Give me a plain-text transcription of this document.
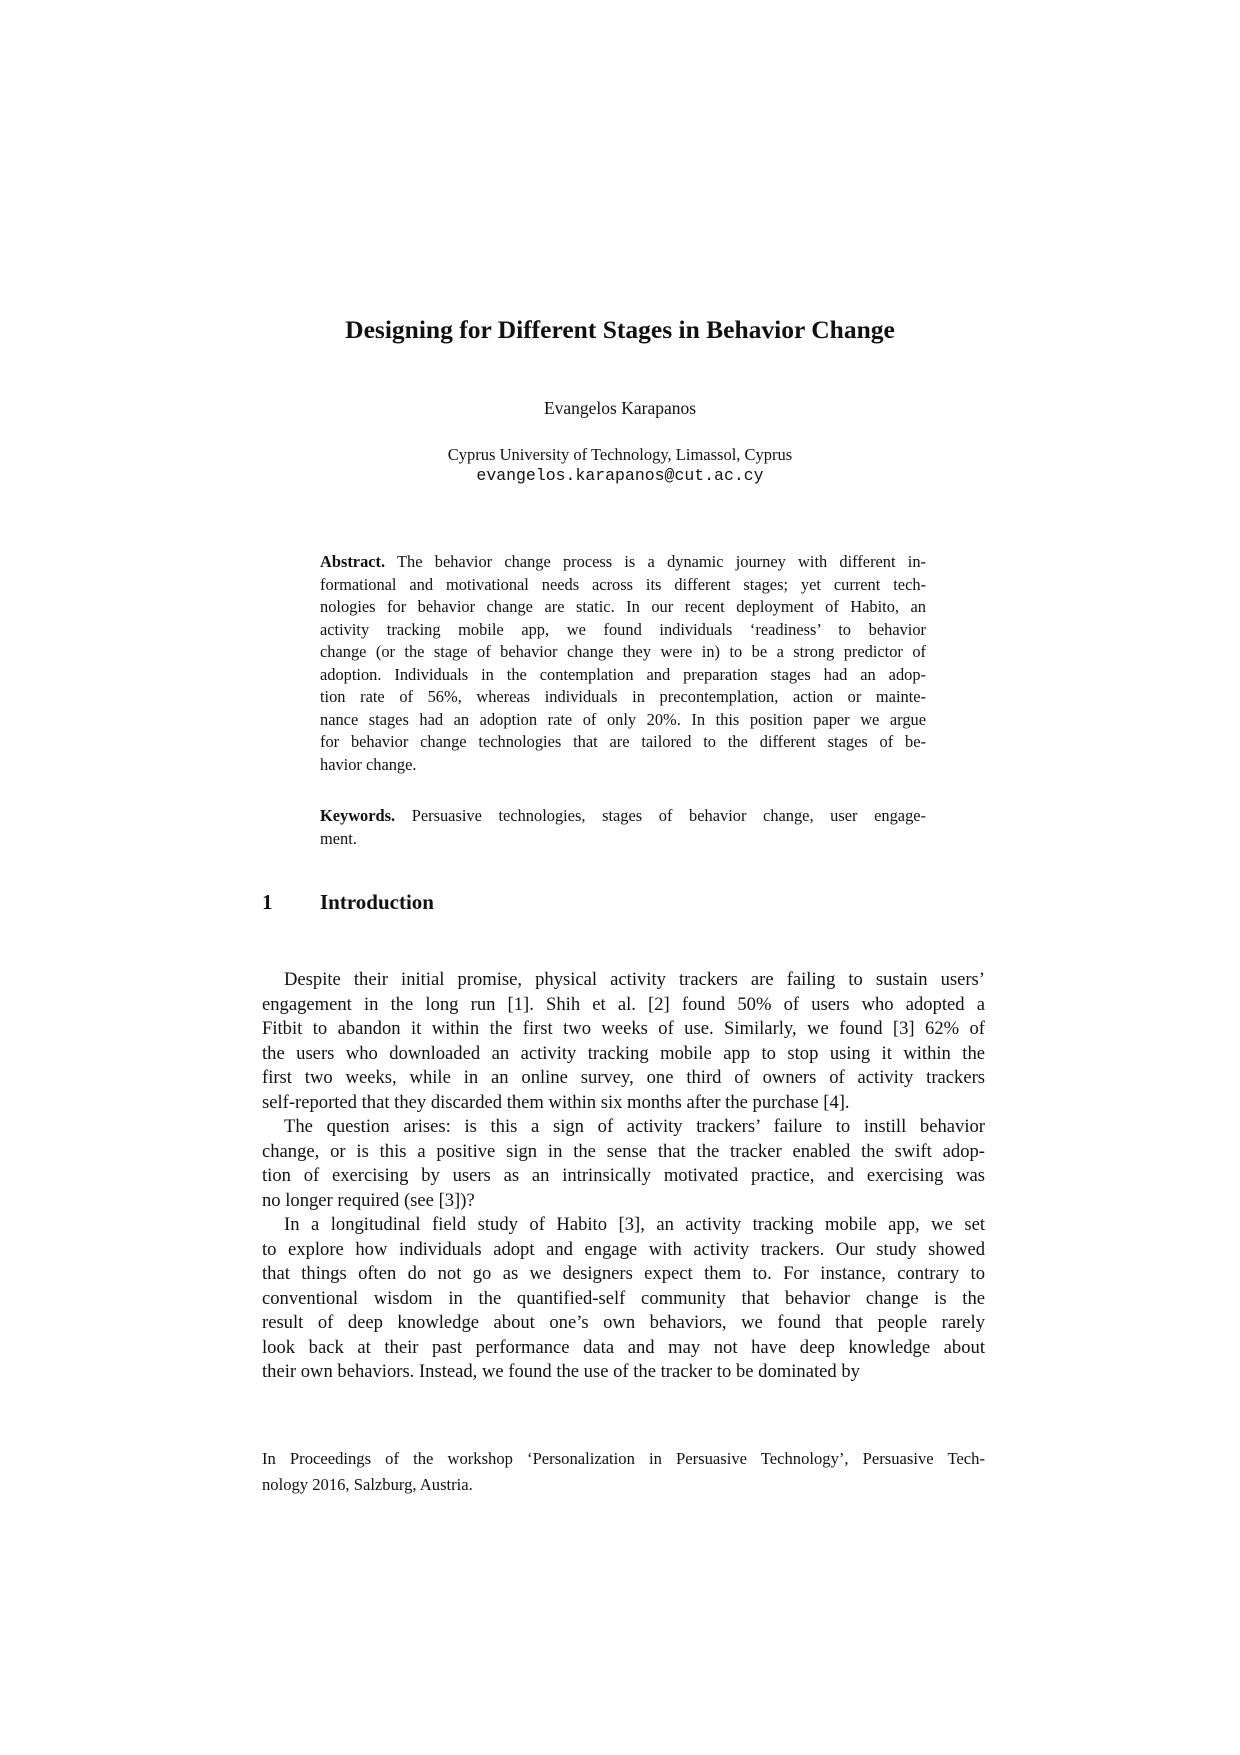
Designing for Different Stages in Behavior Change
Evangelos Karapanos
Cyprus University of Technology, Limassol, Cyprus
evangelos.karapanos@cut.ac.cy
Abstract. The behavior change process is a dynamic journey with different in-
formational and motivational needs across its different stages; yet current tech-
nologies for behavior change are static. In our recent deployment of Habito, an
activity tracking mobile app, we found individuals ‘readiness’ to behavior
change (or the stage of behavior change they were in) to be a strong predictor of
adoption. Individuals in the contemplation and preparation stages had an adop-
tion rate of 56%, whereas individuals in precontemplation, action or mainte-
nance stages had an adoption rate of only 20%. In this position paper we argue
for behavior change technologies that are tailored to the different stages of be-
havior change.
Keywords. Persuasive technologies, stages of behavior change, user engage-
ment.
1 Introduction
Despite their initial promise, physical activity trackers are failing to sustain users’
engagement in the long run [1]. Shih et al. [2] found 50% of users who adopted a
Fitbit to abandon it within the first two weeks of use. Similarly, we found [3] 62% of
the users who downloaded an activity tracking mobile app to stop using it within the
first two weeks, while in an online survey, one third of owners of activity trackers
self-reported that they discarded them within six months after the purchase [4].
The question arises: is this a sign of activity trackers’ failure to instill behavior
change, or is this a positive sign in the sense that the tracker enabled the swift adop-
tion of exercising by users as an intrinsically motivated practice, and exercising was
no longer required (see [3])?
In a longitudinal field study of Habito [3], an activity tracking mobile app, we set
to explore how individuals adopt and engage with activity trackers. Our study showed
that things often do not go as we designers expect them to. For instance, contrary to
conventional wisdom in the quantified-self community that behavior change is the
result of deep knowledge about one’s own behaviors, we found that people rarely
look back at their past performance data and may not have deep knowledge about
their own behaviors. Instead, we found the use of the tracker to be dominated by
In Proceedings of the workshop ‘Personalization in Persuasive Technology’, Persuasive Tech-
nology 2016, Salzburg, Austria.
